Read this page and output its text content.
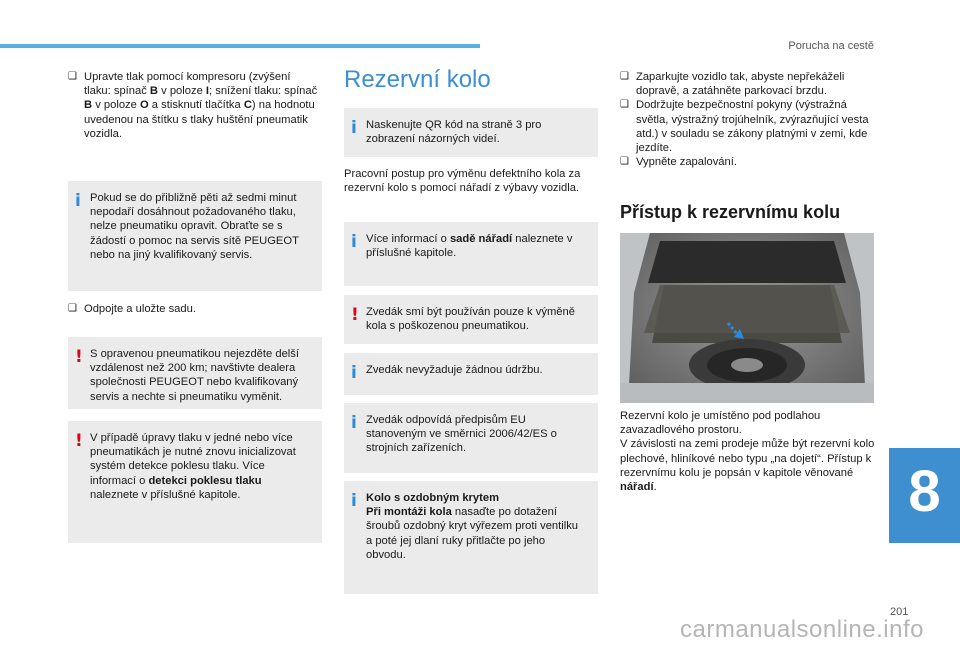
Porucha na cestě
❑ Upravte tlak pomocí kompresoru (zvýšení tlaku: spínač B v poloze I; snížení tlaku: spínač B v poloze O a stisknutí tlačítka C) na hodnotu uvedenou na štítku s tlaky huštění pneumatik vozidla.
i Pokud se do přibližně pěti až sedmi minut nepodaří dosáhnout požadovaného tlaku, nelze pneumatiku opravit. Obraťte se s žádostí o pomoc na servis sítě PEUGEOT nebo na jiný kvalifikovaný servis.
❑ Odpojte a uložte sadu.
! S opravenou pneumatikou nejezděte delší vzdálenost než 200 km; navštivte dealera společnosti PEUGEOT nebo kvalifikovaný servis a nechte si pneumatiku vyměnit.
! V případě úpravy tlaku v jedné nebo více pneumatikách je nutné znovu inicializovat systém detekce poklesu tlaku. Více informací o detekci poklesu tlaku naleznete v příslušné kapitole.
Rezervní kolo
i Naskenujte QR kód na straně 3 pro zobrazení názorných videí.
Pracovní postup pro výměnu defektního kola za rezervní kolo s pomocí nářadí z výbavy vozidla.
i Více informací o sadě nářadí naleznete v příslušné kapitole.
! Zvedák smí být používán pouze k výměně kola s poškozenou pneumatikou.
i Zvedák nevyžaduje žádnou údržbu.
i Zvedák odpovídá předpisům EU stanoveným ve směrnici 2006/42/ES o strojních zařízeních.
i Kolo s ozdobným krytem
Při montáži kola nasaďte po dotažení šroubů ozdobný kryt výřezem proti ventilku a poté jej dlaní ruky přitlačte po jeho obvodu.
❑ Zaparkujte vozidlo tak, abyste nepřekáželi dopravě, a zatáhněte parkovací brzdu.
❑ Dodržujte bezpečnostní pokyny (výstražná světla, výstražný trojúhelník, zvýrazňující vesta atd.) v souladu se zákony platnými v zemi, kde jezdíte.
❑ Vypněte zapalování.
Přístup k rezervnímu kolu
Rezervní kolo je umístěno pod podlahou zavazadlového prostoru.
V závislosti na zemi prodeje může být rezervní kolo plechové, hliníkové nebo typu „na dojetí“. Přístup k rezervnímu kolu je popsán v kapitole věnované nářadí.	8
201
carmanualsonline.info
